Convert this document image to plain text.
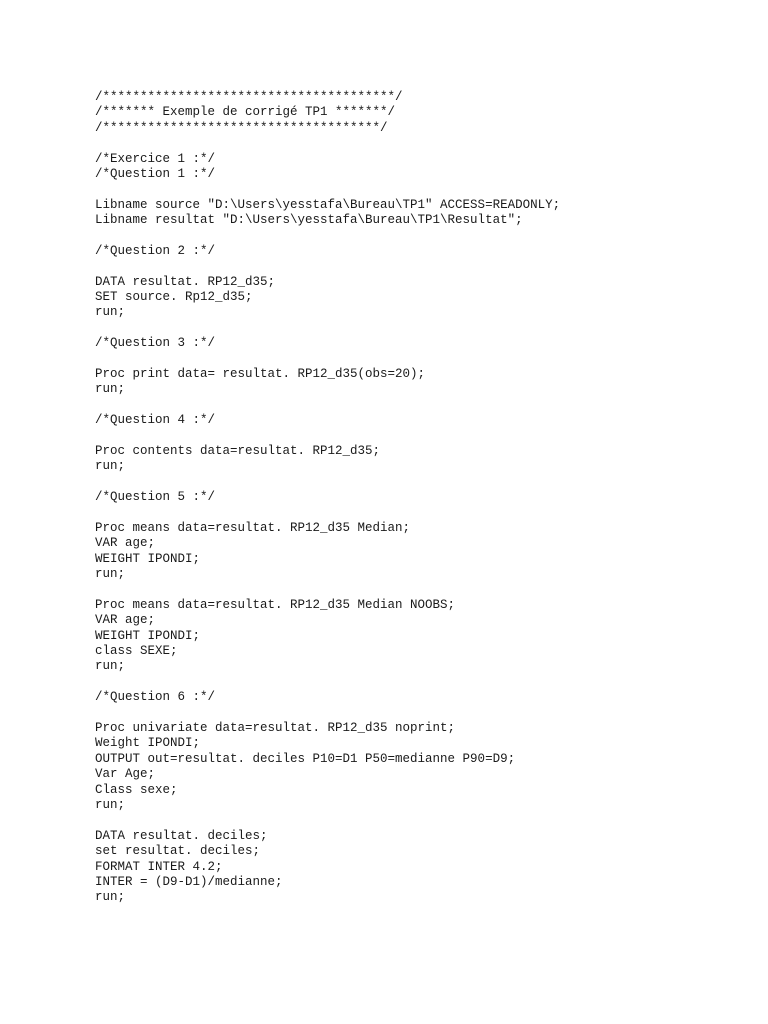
/***************************************/
/******* Exemple de corrigé TP1 *******/
/*************************************/
/*Exercice 1 :*/
/*Question 1 :*/
Libname source "D:\Users\yesstafa\Bureau\TP1" ACCESS=READONLY;
Libname resultat "D:\Users\yesstafa\Bureau\TP1\Resultat";
/*Question 2 :*/
DATA resultat. RP12_d35;
SET source. Rp12_d35;
run;
/*Question 3 :*/
Proc print data= resultat. RP12_d35(obs=20);
run;
/*Question 4 :*/
Proc contents data=resultat. RP12_d35;
run;
/*Question 5 :*/
Proc means data=resultat. RP12_d35 Median;
VAR age;
WEIGHT IPONDI;
run;
Proc means data=resultat. RP12_d35 Median NOOBS;
VAR age;
WEIGHT IPONDI;
class SEXE;
run;
/*Question 6 :*/
Proc univariate data=resultat. RP12_d35 noprint;
Weight IPONDI;
OUTPUT out=resultat. deciles P10=D1 P50=medianne P90=D9;
Var Age;
Class sexe;
run;
DATA resultat. deciles;
set resultat. deciles;
FORMAT INTER 4.2;
INTER = (D9-D1)/medianne;
run;
